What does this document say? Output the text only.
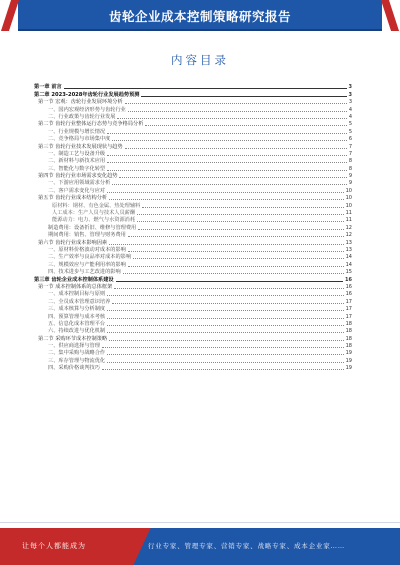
齿轮企业成本控制策略研究报告
内容目录
第一章 前言	3
第二章 2023-2028年齿轮行业发展趋势预测	3
第一节 宏观：齿轮行业发展环境分析	3
一、国内宏观经济形势与齿轮行业	4
二、行业政策与齿轮行业发展	4
第二节 齿轮行业整体运行态势与竞争格局分析	5
一、行业规模与增长情况	5
二、竞争格局与市场集中度	6
第三节 齿轮行业技术发展现状与趋势	7
一、制造工艺与设备升级	7
二、新材料与新技术应用	8
三、智能化与数字化转型	8
第四节 齿轮行业市场需求变化趋势	9
一、下游应用领域需求分析	9
二、客户需求变化与应对	10
第五节 齿轮行业成本结构分析	10
原材料：钢材、有色金属、热处理辅料	10
人工成本：生产人员与技术人员薪酬	11
能源动力：电力、燃气与水资源消耗	11
制造费用：设备折旧、维修与管理费用	12
期间费用：销售、管理与财务费用	12
第六节 齿轮行业成本影响因素	13
一、原材料价格波动对成本的影响	13
二、生产效率与良品率对成本的影响	14
三、规模效应与产能利用率的影响	14
四、技术进步与工艺改进的影响	15
第三章 齿轮企业成本控制体系建设	16
第一节 成本控制体系的总体框架	16
一、成本控制目标与原则	16
二、全员成本管理意识培养	17
三、成本核算与分析制度	17
四、预算管理与成本考核	17
五、信息化成本管理平台	18
六、持续改进与优化机制	18
第二节 采购环节成本控制策略	18
一、供应商选择与管理	18
二、集中采购与战略合作	19
三、库存管理与物流优化	19
四、采购价格谈判技巧	19
让每个人都能成为	行业专家、管理专家、营销专家、战略专家、成本企业家……
